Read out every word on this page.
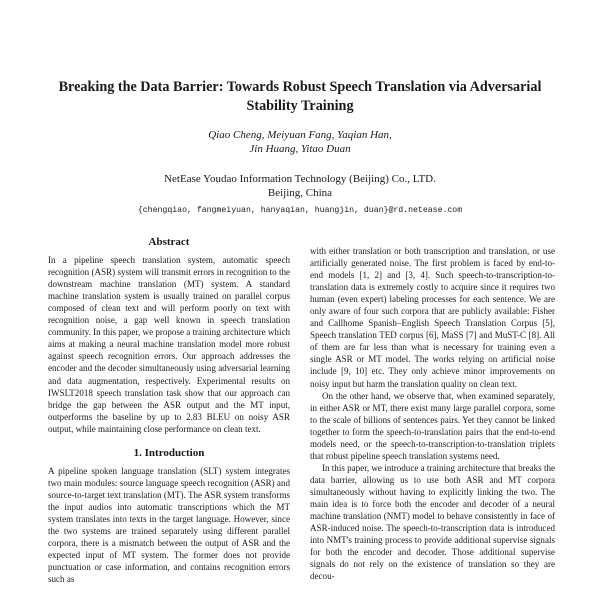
Breaking the Data Barrier: Towards Robust Speech Translation via Adversarial Stability Training
Qiao Cheng, Meiyuan Fang, Yaqian Han,
Jin Huang, Yitao Duan
NetEase Youdao Information Technology (Beijing) Co., LTD.
Beijing, China
{chengqiao, fangmeiyuan, hanyaqian, huangjin, duan}@rd.netease.com
Abstract

In a pipeline speech translation system, automatic speech recognition (ASR) system will transmit errors in recognition to the downstream machine translation (MT) system. A standard machine translation system is usually trained on parallel corpus composed of clean text and will perform poorly on text with recognition noise, a gap well known in speech translation community. In this paper, we propose a training architecture which aims at making a neural machine translation model more robust against speech recognition errors. Our approach addresses the encoder and the decoder simultaneously using adversarial learning and data augmentation, respectively. Experimental results on IWSLT2018 speech translation task show that our approach can bridge the gap between the ASR output and the MT input, outperforms the baseline by up to 2.83 BLEU on noisy ASR output, while maintaining close performance on clean text.

1. Introduction

A pipeline spoken language translation (SLT) system integrates two main modules: source language speech recognition (ASR) and source-to-target text translation (MT). The ASR system transforms the input audios into automatic transcriptions which the MT system translates into texts in the target language. However, since the two systems are trained separately using different parallel corpora, there is a mismatch between the output of ASR and the expected input of MT system. The former does not provide punctuation or case information, and contains recognition errors such as

with either translation or both transcription and translation, or use artificially generated noise. The first problem is faced by end-to-end models [1, 2] and [3, 4]. Such speech-to-transcription-to-translation data is extremely costly to acquire since it requires two human (even expert) labeling processes for each sentence. We are only aware of four such corpora that are publicly available: Fisher and Callhome Spanish–English Speech Translation Corpus [5], Speech translation TED corpus [6], MaSS [7] and MuST-C [8]. All of them are far less than what is necessary for training even a single ASR or MT model. The works relying on artificial noise include [9, 10] etc. They only achieve minor improvements on noisy input but harm the translation quality on clean text.

On the other hand, we observe that, when examined separately, in either ASR or MT, there exist many large parallel corpora, some to the scale of billions of sentences pairs. Yet they cannot be linked together to form the speech-to-translation pairs that the end-to-end models need, or the speech-to-transcription-to-translation triplets that robust pipeline speech translation systems need.

In this paper, we introduce a training architecture that breaks the data barrier, allowing us to use both ASR and MT corpora simultaneously without having to explicitly linking the two. The main idea is to force both the encoder and decoder of a neural machine translation (NMT) model to behave consistently in face of ASR-induced noise. The speech-to-transcription data is introduced into NMT's training process to provide additional supervise signals for both the encoder and decoder. Those additional supervise signals do not rely on the existence of translation so they are decou-
